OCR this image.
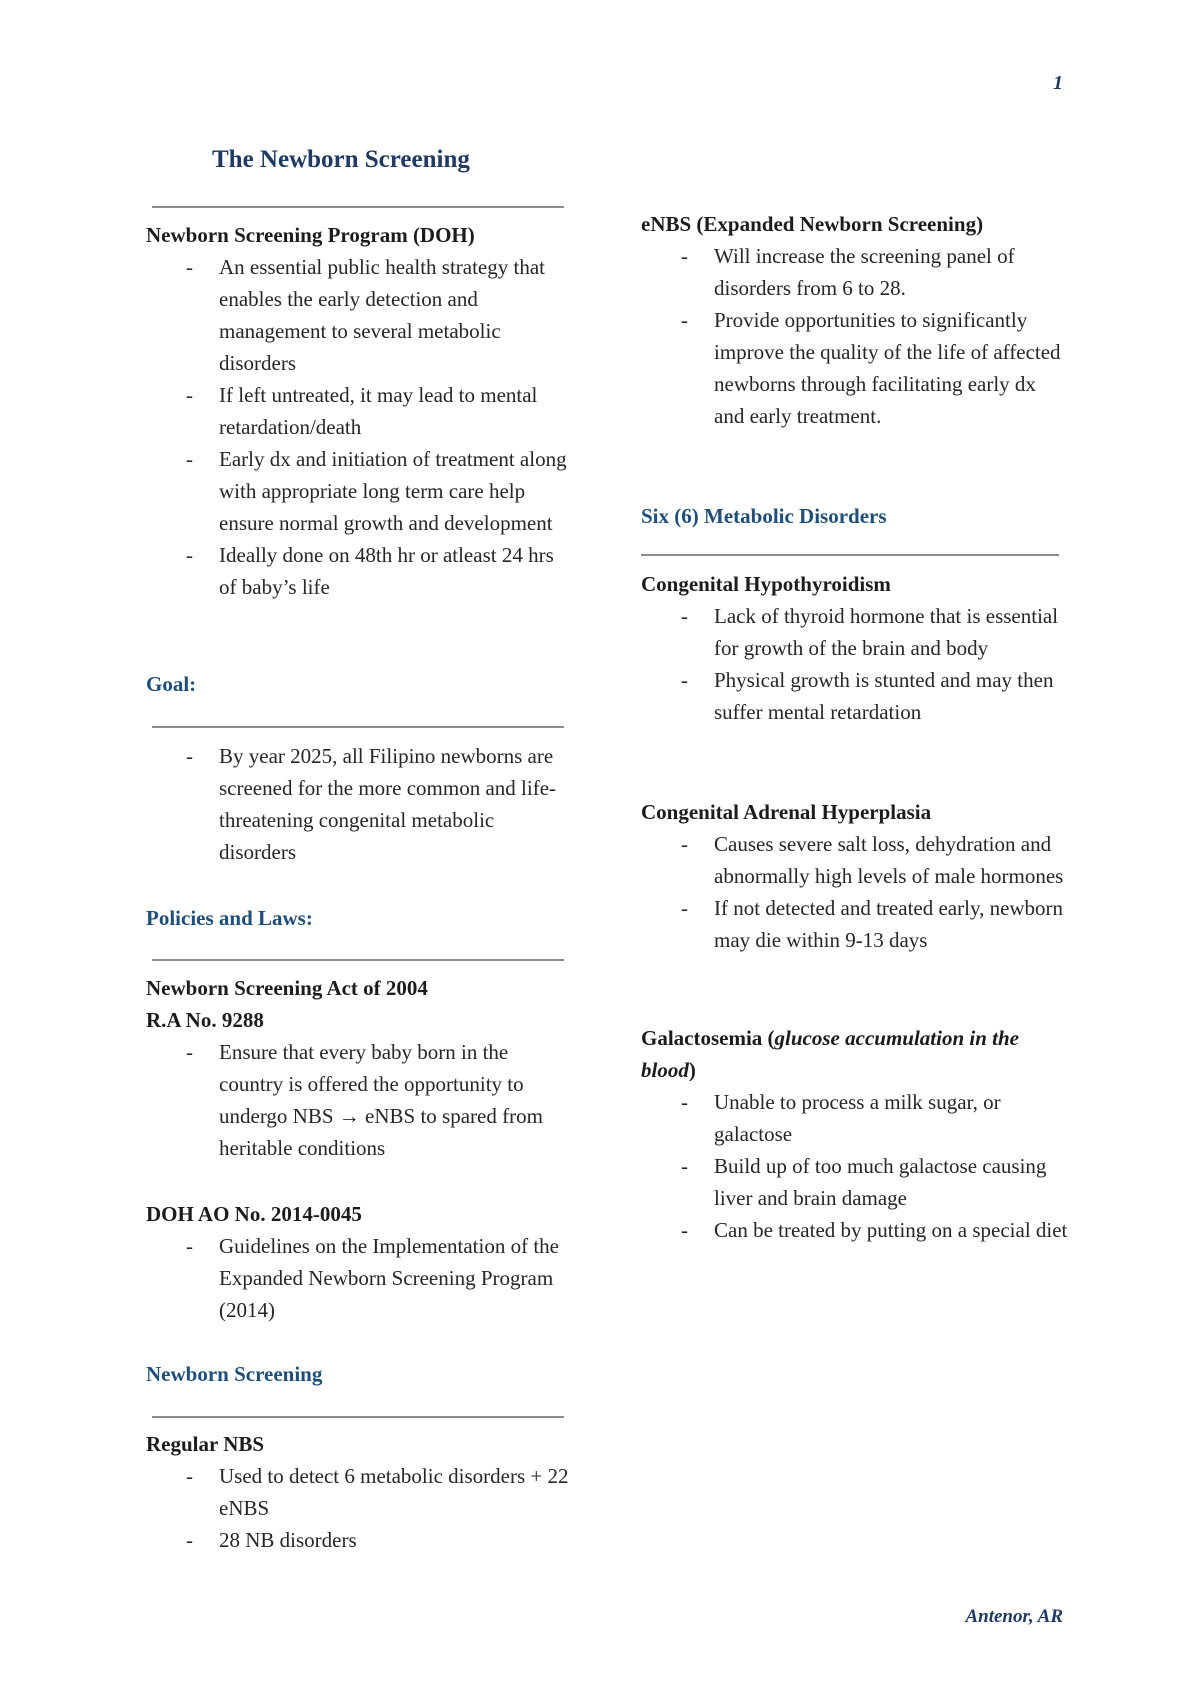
1
The Newborn Screening
Newborn Screening Program (DOH)
- An essential public health strategy that enables the early detection and management to several metabolic disorders
- If left untreated, it may lead to mental retardation/death
- Early dx and initiation of treatment along with appropriate long term care help ensure normal growth and development
- Ideally done on 48th hr or atleast 24 hrs of baby’s life
Goal:
- By year 2025, all Filipino newborns are screened for the more common and life-threatening congenital metabolic disorders
Policies and Laws:
Newborn Screening Act of 2004
R.A No. 9288
- Ensure that every baby born in the country is offered the opportunity to undergo NBS → eNBS to spared from heritable conditions
DOH AO No. 2014-0045
- Guidelines on the Implementation of the Expanded Newborn Screening Program (2014)
Newborn Screening
Regular NBS
- Used to detect 6 metabolic disorders + 22 eNBS
- 28 NB disorders
eNBS (Expanded Newborn Screening)
- Will increase the screening panel of disorders from 6 to 28.
- Provide opportunities to significantly improve the quality of the life of affected newborns through facilitating early dx and early treatment.
Six (6) Metabolic Disorders
Congenital Hypothyroidism
- Lack of thyroid hormone that is essential for growth of the brain and body
- Physical growth is stunted and may then suffer mental retardation
Congenital Adrenal Hyperplasia
- Causes severe salt loss, dehydration and abnormally high levels of male hormones
- If not detected and treated early, newborn may die within 9-13 days
Galactosemia (glucose accumulation in the blood)
- Unable to process a milk sugar, or galactose
- Build up of too much galactose causing liver and brain damage
- Can be treated by putting on a special diet
Antenor, AR
